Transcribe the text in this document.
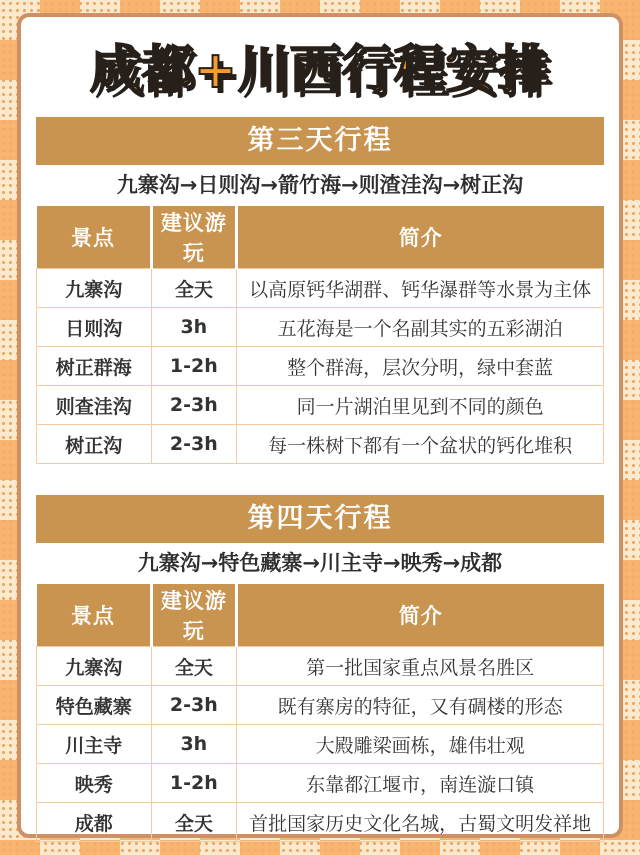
成都+川西行程安排
第三天行程
九寨沟→日则沟→箭竹海→则渣洼沟→树正沟
景点	建议游玩	简介
九寨沟	全天	以高原钙华湖群、钙华瀑群等水景为主体
日则沟	3h	五花海是一个名副其实的五彩湖泊
树正群海	1-2h	整个群海，层次分明，绿中套蓝
则查洼沟	2-3h	同一片湖泊里见到不同的颜色
树正沟	2-3h	每一株树下都有一个盆状的钙化堆积
第四天行程
九寨沟→特色藏寨→川主寺→映秀→成都
景点	建议游玩	简介
九寨沟	全天	第一批国家重点风景名胜区
特色藏寨	2-3h	既有寨房的特征，又有碉楼的形态
川主寺	3h	大殿雕梁画栋，雄伟壮观
映秀	1-2h	东靠都江堰市，南连漩口镇
成都	全天	首批国家历史文化名城，古蜀文明发祥地
